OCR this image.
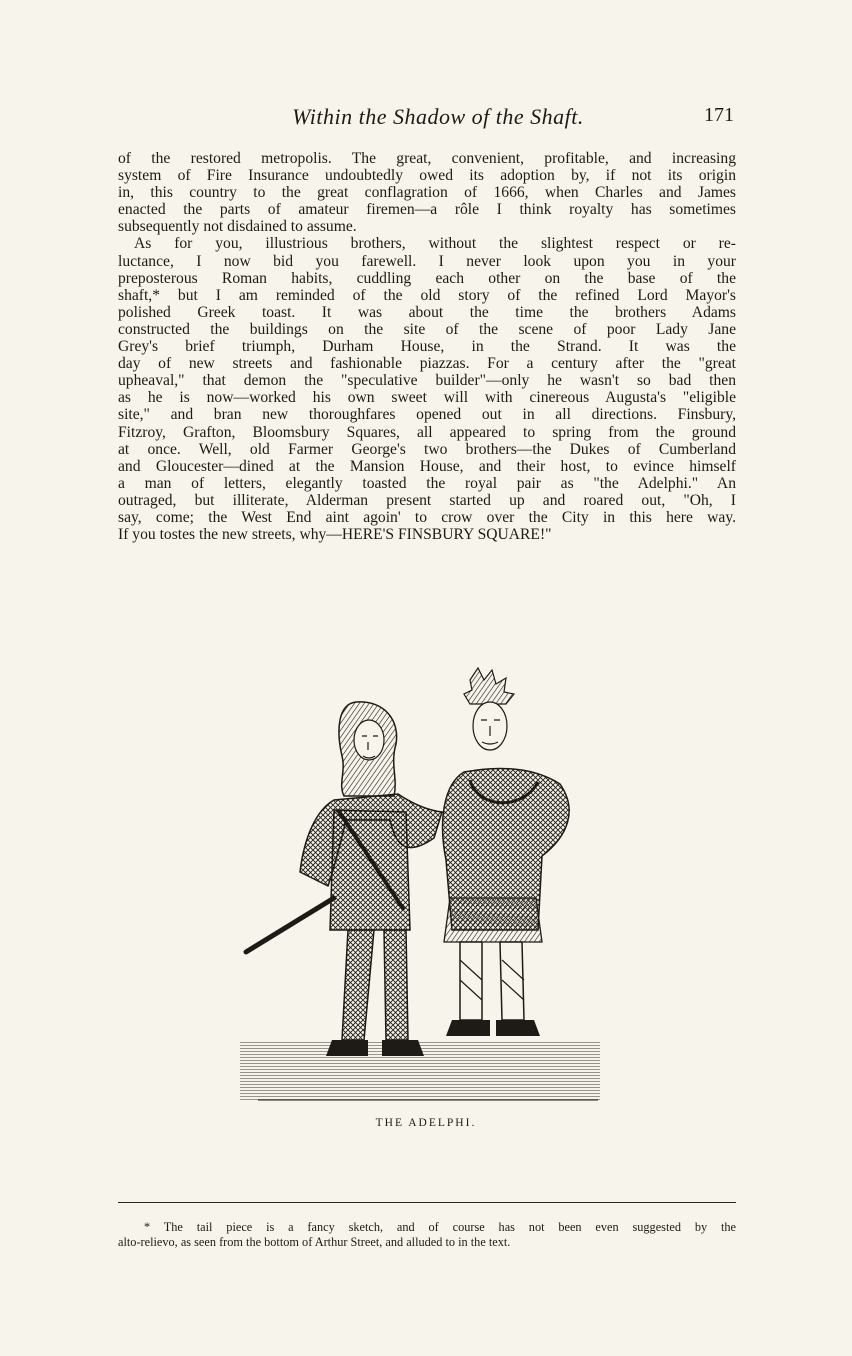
Within the Shadow of the Shaft.	171
of the restored metropolis. The great, convenient, profitable, and increasing
system of Fire Insurance undoubtedly owed its adoption by, if not its origin
in, this country to the great conflagration of 1666, when Charles and James
enacted the parts of amateur firemen—a rôle I think royalty has sometimes
subsequently not disdained to assume.
As for you, illustrious brothers, without the slightest respect or re-
luctance, I now bid you farewell. I never look upon you in your
preposterous Roman habits, cuddling each other on the base of the
shaft,* but I am reminded of the old story of the refined Lord Mayor's
polished Greek toast. It was about the time the brothers Adams
constructed the buildings on the site of the scene of poor Lady Jane
Grey's brief triumph, Durham House, in the Strand. It was the
day of new streets and fashionable piazzas. For a century after the "great
upheaval," that demon the "speculative builder"—only he wasn't so bad then
as he is now—worked his own sweet will with cinereous Augusta's "eligible
site," and bran new thoroughfares opened out in all directions. Finsbury,
Fitzroy, Grafton, Bloomsbury Squares, all appeared to spring from the ground
at once. Well, old Farmer George's two brothers—the Dukes of Cumberland
and Gloucester—dined at the Mansion House, and their host, to evince himself
a man of letters, elegantly toasted the royal pair as "the Adelphi." An
outraged, but illiterate, Alderman present started up and roared out, "Oh, I
say, come; the West End aint agoin' to crow over the City in this here way.
If you tostes the new streets, why—HERE'S FINSBURY SQUARE!"
THE ADELPHI.
* The tail piece is a fancy sketch, and of course has not been even suggested by the
alto-relievo, as seen from the bottom of Arthur Street, and alluded to in the text.
